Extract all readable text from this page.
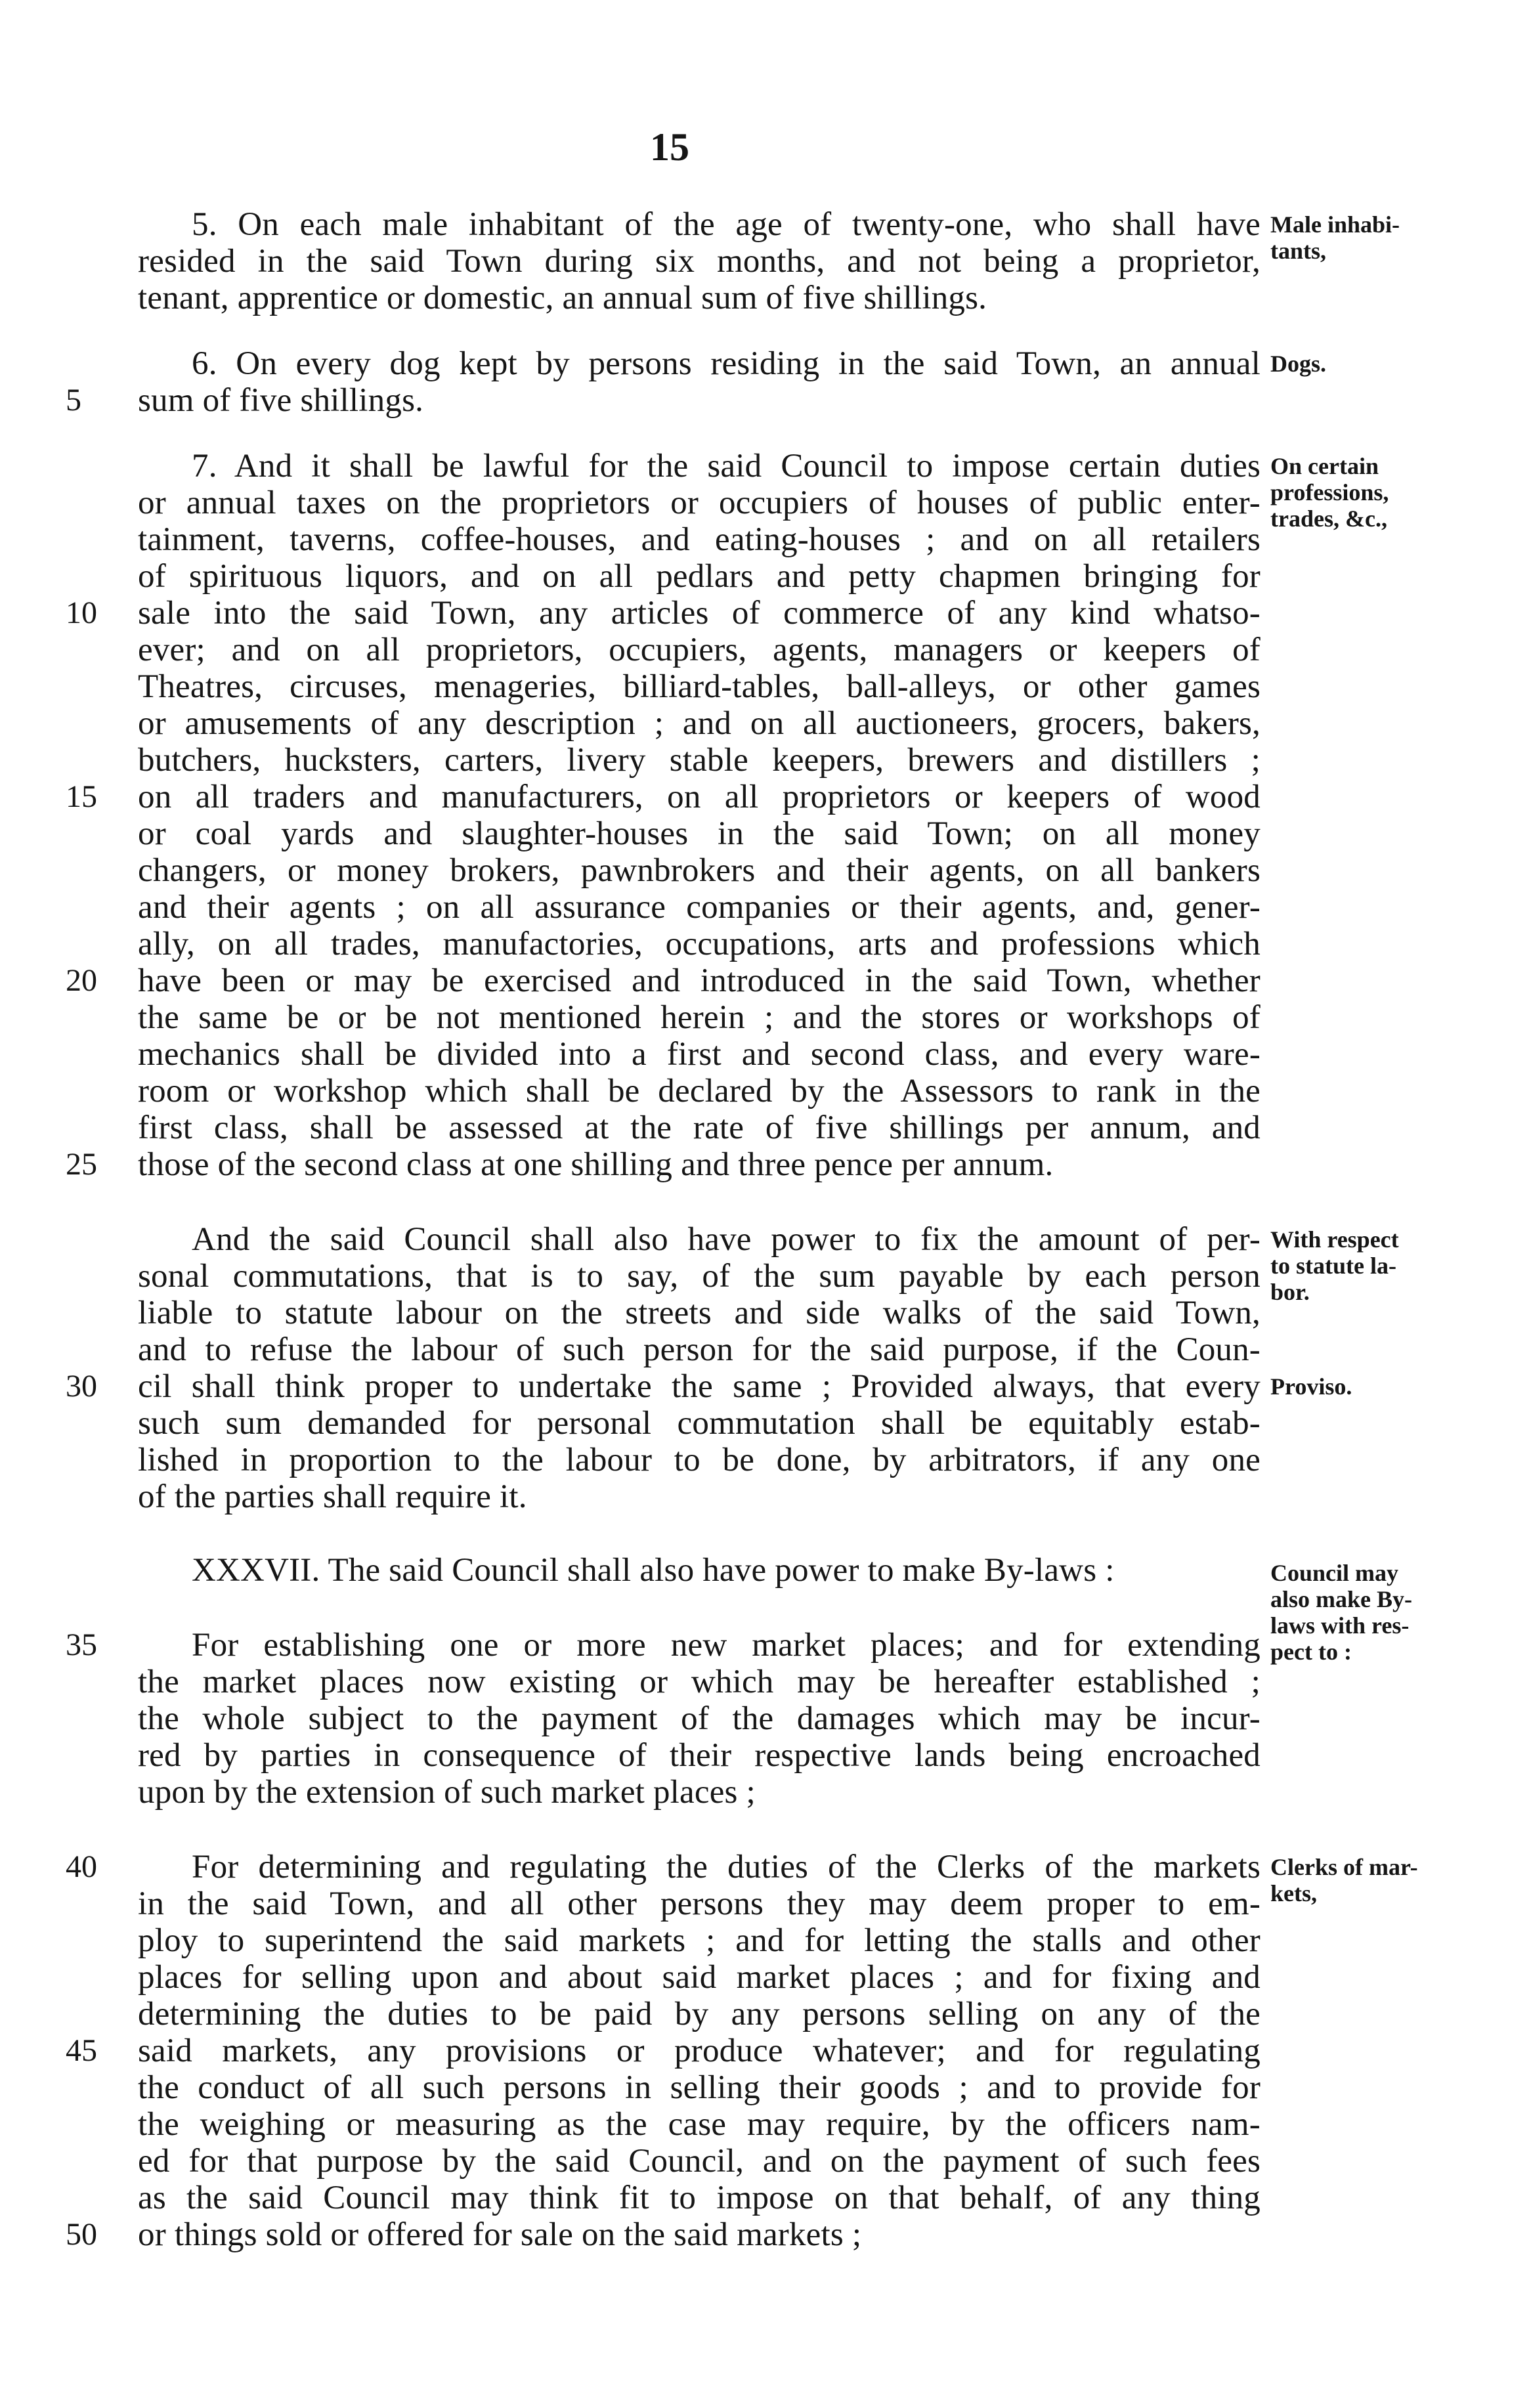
15
5. On each male inhabitant of the age of twenty-one, who shall have
resided in the said Town during six months, and not being a proprietor,
tenant, apprentice or domestic, an annual sum of five shillings.
6. On every dog kept by persons residing in the said Town, an annual
sum of five shillings.
7. And it shall be lawful for the said Council to impose certain duties
or annual taxes on the proprietors or occupiers of houses of public enter-
tainment, taverns, coffee-houses, and eating-houses ; and on all retailers
of spirituous liquors, and on all pedlars and petty chapmen bringing for
sale into the said Town, any articles of commerce of any kind whatso-
ever; and on all proprietors, occupiers, agents, managers or keepers of
Theatres, circuses, menageries, billiard-tables, ball-alleys, or other games
or amusements of any description ; and on all auctioneers, grocers, bakers,
butchers, hucksters, carters, livery stable keepers, brewers and distillers ;
on all traders and manufacturers, on all proprietors or keepers of wood
or coal yards and slaughter-houses in the said Town; on all money
changers, or money brokers, pawnbrokers and their agents, on all bankers
and their agents ; on all assurance companies or their agents, and, gener-
ally, on all trades, manufactories, occupations, arts and professions which
have been or may be exercised and introduced in the said Town, whether
the same be or be not mentioned herein ; and the stores or workshops of
mechanics shall be divided into a first and second class, and every ware-
room or workshop which shall be declared by the Assessors to rank in the
first class, shall be assessed at the rate of five shillings per annum, and
those of the second class at one shilling and three pence per annum.
And the said Council shall also have power to fix the amount of per-
sonal commutations, that is to say, of the sum payable by each person
liable to statute labour on the streets and side walks of the said Town,
and to refuse the labour of such person for the said purpose, if the Coun-
cil shall think proper to undertake the same ; Provided always, that every
such sum demanded for personal commutation shall be equitably estab-
lished in proportion to the labour to be done, by arbitrators, if any one
of the parties shall require it.
XXXVII. The said Council shall also have power to make By-laws :
For establishing one or more new market places; and for extending
the market places now existing or which may be hereafter established ;
the whole subject to the payment of the damages which may be incur-
red by parties in consequence of their respective lands being encroached
upon by the extension of such market places ;
For determining and regulating the duties of the Clerks of the markets
in the said Town, and all other persons they may deem proper to em-
ploy to superintend the said markets ; and for letting the stalls and other
places for selling upon and about said market places ; and for fixing and
determining the duties to be paid by any persons selling on any of the
said markets, any provisions or produce whatever; and for regulating
the conduct of all such persons in selling their goods ; and to provide for
the weighing or measuring as the case may require, by the officers nam-
ed for that purpose by the said Council, and on the payment of such fees
as the said Council may think fit to impose on that behalf, of any thing
or things sold or offered for sale on the said markets ;
5
10
15
20
25
30
35
40
45
50
Male inhabi-
tants,
Dogs.
On certain
professions,
trades, &c.,
With respect
to statute la-
bor.
Proviso.
Council may
also make By-
laws with res-
pect to :
Clerks of mar-
kets,
